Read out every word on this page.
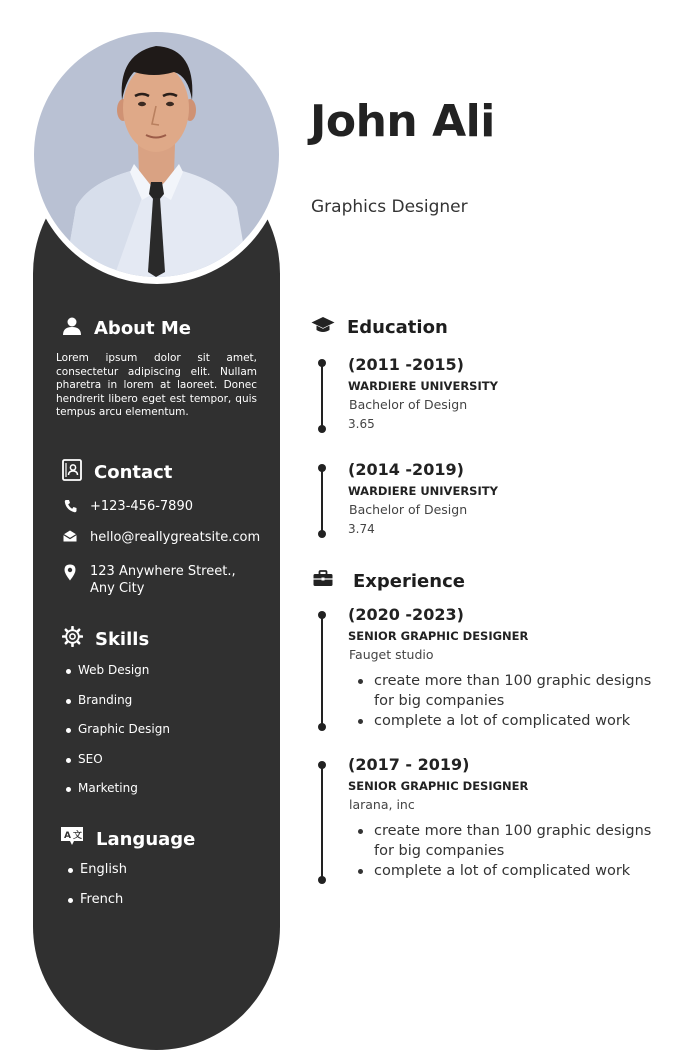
John Ali
Graphics Designer
About Me
Lorem ipsum dolor sit amet, consectetur adipiscing elit. Nullam pharetra in lorem at laoreet. Donec hendrerit libero eget est tempor, quis tempus arcu elementum.
Contact
+123-456-7890
hello@reallygreatsite.com
123 Anywhere Street., Any City
Skills
Web Design
Branding
Graphic Design
SEO
Marketing
A 文 Language
English
French
Education
(2011 -2015)
WARDIERE UNIVERSITY
Bachelor of Design
3.65
(2014 -2019)
WARDIERE UNIVERSITY
Bachelor of Design
3.74
Experience
(2020 -2023)
SENIOR GRAPHIC DESIGNER
Fauget studio
create more than 100 graphic designs for big companies
complete a lot of complicated work
(2017 - 2019)
SENIOR GRAPHIC DESIGNER
larana, inc
create more than 100 graphic designs for big companies
complete a lot of complicated work
